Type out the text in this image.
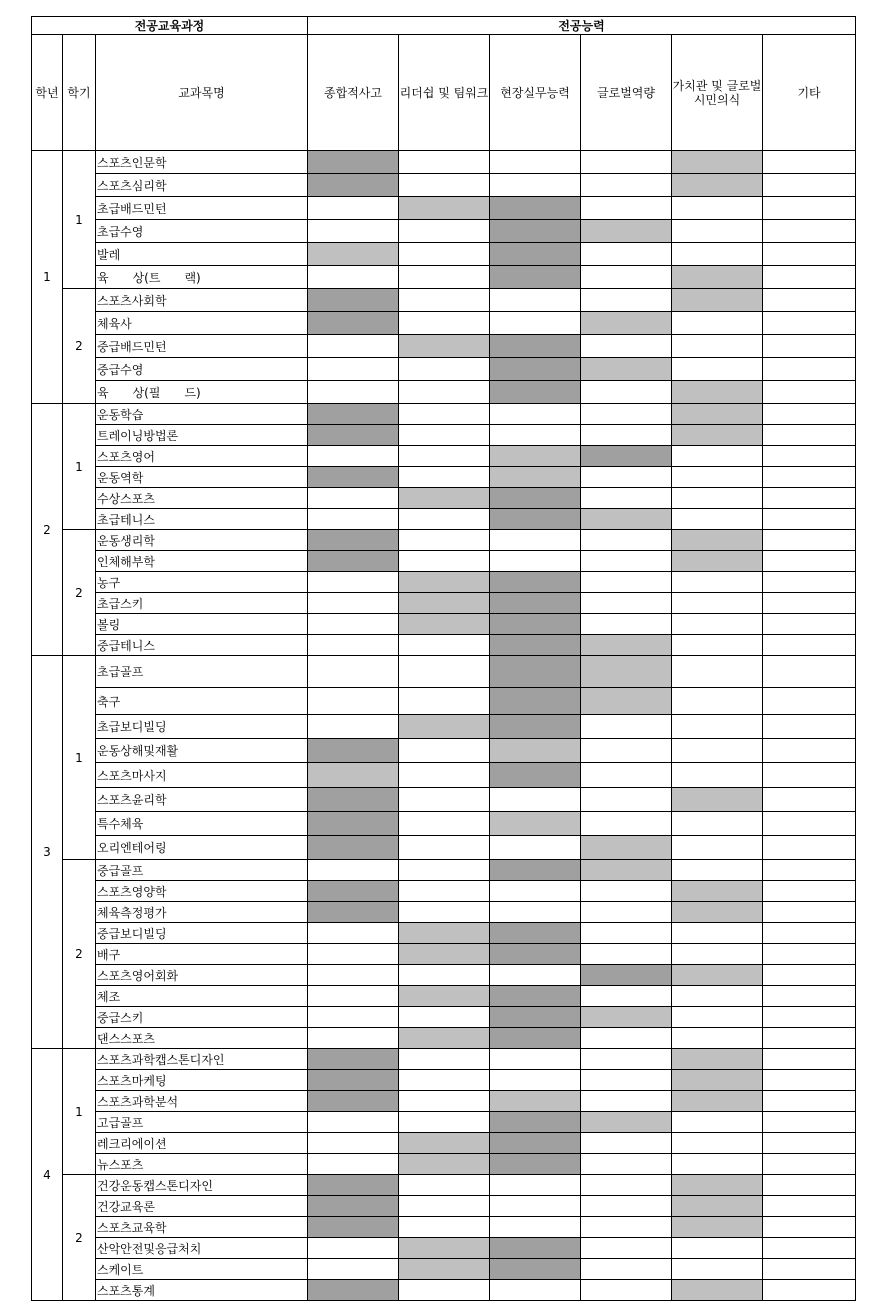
전공교육과정			전공능력					
학년	학기	교과목명	종합적사고	리더쉽 및 팀워크	현장실무능력	글로벌역량	가치관 및 글로벌 시민의식	기타
1	1	스포츠인문학						
		스포츠심리학						
		초급배드민턴						
		초급수영						
		발레						
		육　　상(트　　랙)						
	2	스포츠사회학						
		체육사						
		중급배드민턴						
		중급수영						
		육　　상(필　　드)						
2	1	운동학습						
		트레이닝방법론						
		스포츠영어						
		운동역학						
		수상스포츠						
		초급테니스						
	2	운동생리학						
		인체해부학						
		농구						
		초급스키						
		볼링						
		중급테니스						
3	1	초급골프						
		축구						
		초급보디빌딩						
		운동상해및재활						
		스포츠마사지						
		스포츠윤리학						
		특수체육						
		오리엔테어링						
	2	중급골프						
		스포츠영양학						
		체육측정평가						
		중급보디빌딩						
		배구						
		스포츠영어회화						
		체조						
		중급스키						
		댄스스포츠						
4	1	스포츠과학캡스톤디자인						
		스포츠마케팅						
		스포츠과학분석						
		고급골프						
		레크리에이션						
		뉴스포츠						
	2	건강운동캡스톤디자인						
		건강교육론						
		스포츠교육학						
		산악안전및응급처치						
		스케이트						
		스포츠통계						
